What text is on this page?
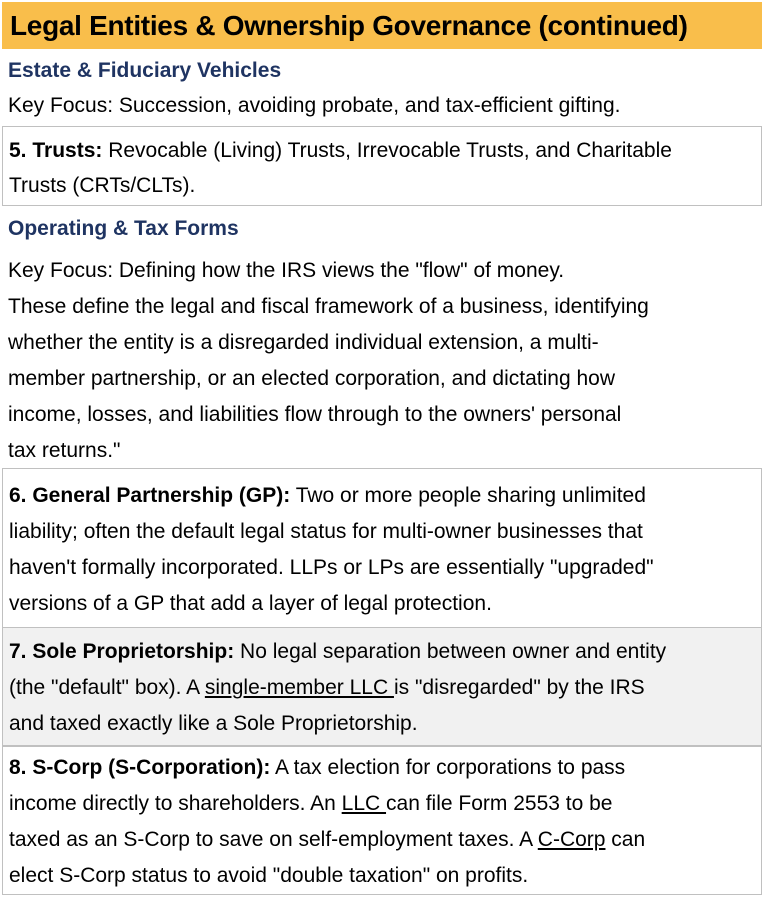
Legal Entities & Ownership Governance (continued)
Estate & Fiduciary Vehicles
Key Focus: Succession, avoiding probate, and tax-efficient gifting.
5. Trusts: Revocable (Living) Trusts, Irrevocable Trusts, and Charitable
Trusts (CRTs/CLTs).
Operating & Tax Forms
Key Focus: Defining how the IRS views the "flow" of money.
These define the legal and fiscal framework of a business, identifying
whether the entity is a disregarded individual extension, a multi-
member partnership, or an elected corporation, and dictating how
income, losses, and liabilities flow through to the owners' personal
tax returns."
6. General Partnership (GP): Two or more people sharing unlimited
liability; often the default legal status for multi-owner businesses that
haven't formally incorporated. LLPs or LPs are essentially "upgraded"
versions of a GP that add a layer of legal protection.
7. Sole Proprietorship: No legal separation between owner and entity
(the "default" box). A single-member LLC is "disregarded" by the IRS
and taxed exactly like a Sole Proprietorship.
8. S-Corp (S-Corporation): A tax election for corporations to pass
income directly to shareholders. An LLC can file Form 2553 to be
taxed as an S-Corp to save on self-employment taxes. A C-Corp can
elect S-Corp status to avoid "double taxation" on profits.
